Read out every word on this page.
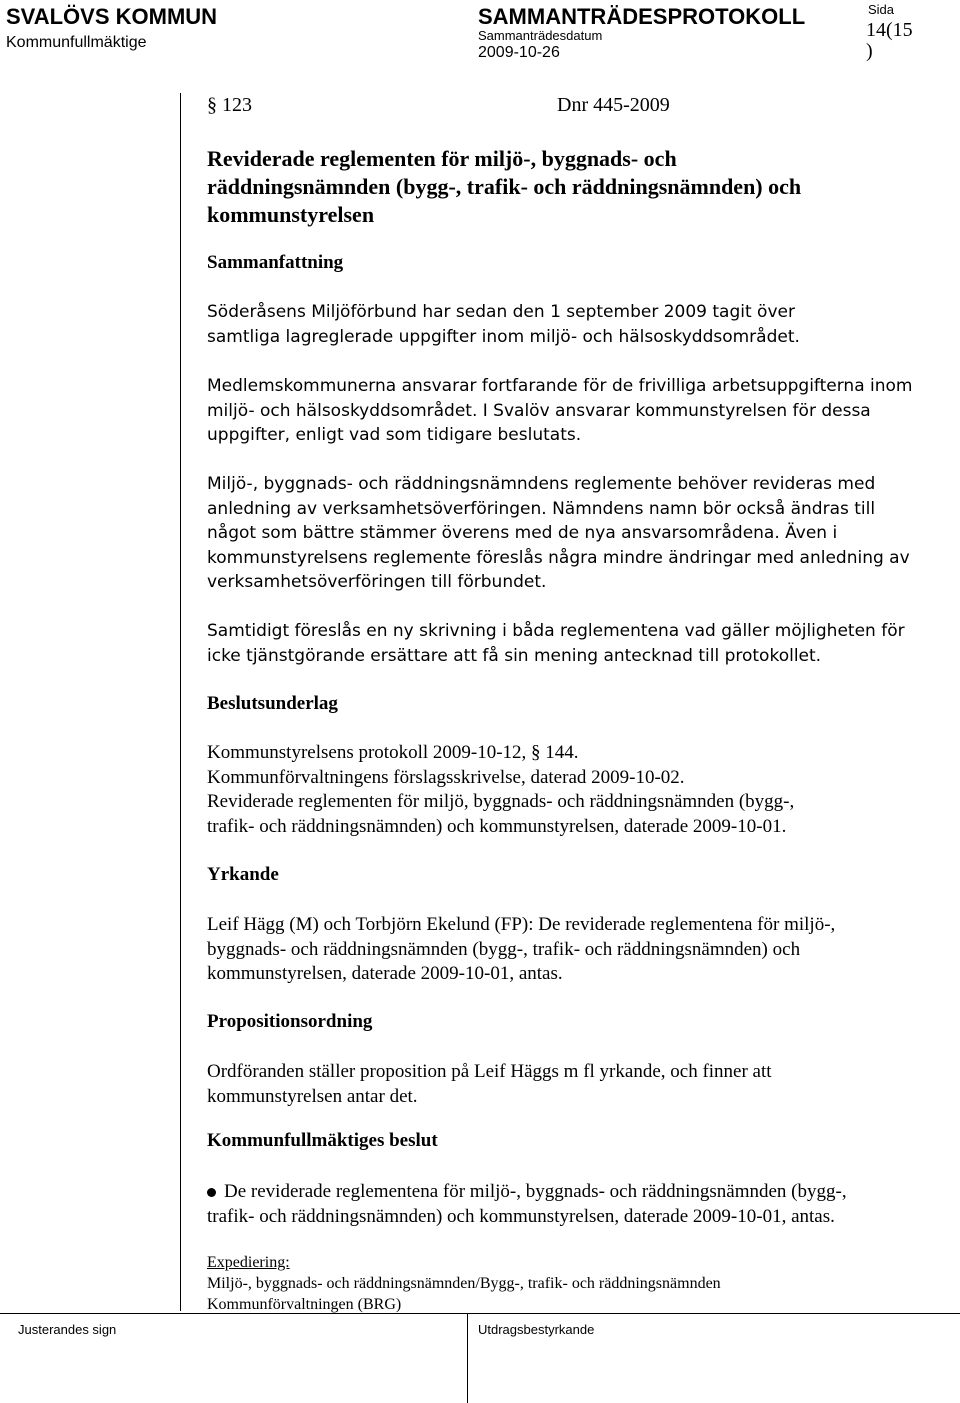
SVALÖVS KOMMUN
Kommunfullmäktige
SAMMANTRÄDESPROTOKOLL
Sammanträdesdatum
2009-10-26
Sida
14(15
)
§ 123	Dnr 445-2009
Reviderade reglementen för miljö-, byggnads- och
räddningsnämnden (bygg-, trafik- och räddningsnämnden) och
kommunstyrelsen
Sammanfattning
Söderåsens Miljöförbund har sedan den 1 september 2009 tagit över
samtliga lagreglerade uppgifter inom miljö- och hälsoskyddsområdet.
Medlemskommunerna ansvarar fortfarande för de frivilliga arbetsuppgifterna inom
miljö- och hälsoskyddsområdet. I Svalöv ansvarar kommunstyrelsen för dessa
uppgifter, enligt vad som tidigare beslutats.
Miljö-, byggnads- och räddningsnämndens reglemente behöver revideras med
anledning av verksamhetsöverföringen. Nämndens namn bör också ändras till
något som bättre stämmer överens med de nya ansvarsområdena. Även i
kommunstyrelsens reglemente föreslås några mindre ändringar med anledning av
verksamhetsöverföringen till förbundet.
Samtidigt föreslås en ny skrivning i båda reglementena vad gäller möjligheten för
icke tjänstgörande ersättare att få sin mening antecknad till protokollet.
Beslutsunderlag
Kommunstyrelsens protokoll 2009-10-12, § 144.
Kommunförvaltningens förslagsskrivelse, daterad 2009-10-02.
Reviderade reglementen för miljö, byggnads- och räddningsnämnden (bygg-,
trafik- och räddningsnämnden) och kommunstyrelsen, daterade 2009-10-01.
Yrkande
Leif Hägg (M) och Torbjörn Ekelund (FP): De reviderade reglementena för miljö-,
byggnads- och räddningsnämnden (bygg-, trafik- och räddningsnämnden) och
kommunstyrelsen, daterade 2009-10-01, antas.
Propositionsordning
Ordföranden ställer proposition på Leif Häggs m fl yrkande, och finner att
kommunstyrelsen antar det.
Kommunfullmäktiges beslut
De reviderade reglementena för miljö-, byggnads- och räddningsnämnden (bygg-,
trafik- och räddningsnämnden) och kommunstyrelsen, daterade 2009-10-01, antas.
Expediering:
Miljö-, byggnads- och räddningsnämnden/Bygg-, trafik- och räddningsnämnden
Kommunförvaltningen (BRG)
Justerandes sign	Utdragsbestyrkande
